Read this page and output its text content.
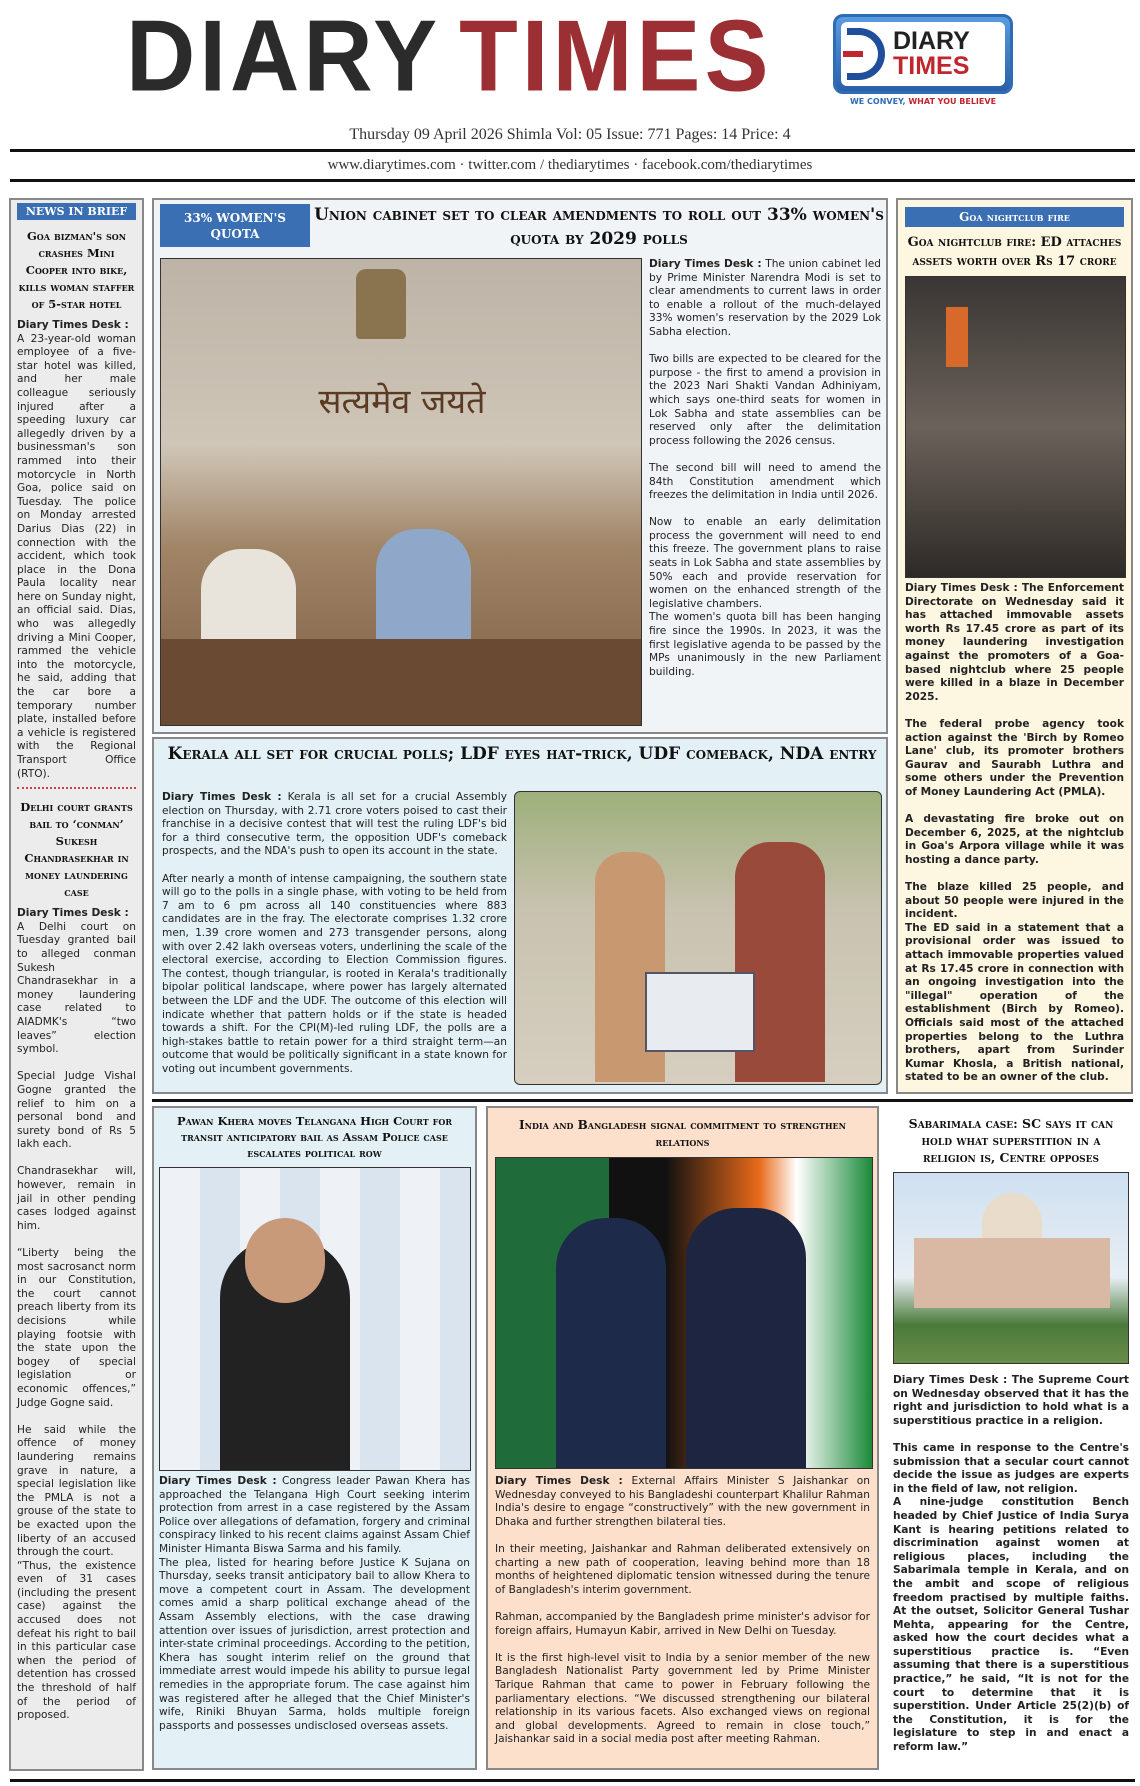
DIARY TIMES	DIARY
TIMES
WE CONVEY, WHAT YOU BELIEVE
Thursday 09 April 2026 Shimla Vol: 05 Issue: 771 Pages: 14 Price: 4
www.diarytimes.com · twitter.com / thediarytimes · facebook.com/thediarytimes
NEWS IN BRIEF
Goa bizman's son crashes Mini Cooper into bike, kills woman staffer of 5-star hotel

Diary Times Desk :

A 23-year-old woman employee of a five-star hotel was killed, and her male colleague seriously injured after a speeding luxury car allegedly driven by a businessman's son rammed into their motorcycle in North Goa, police said on Tuesday. The police on Monday arrested Darius Dias (22) in connection with the accident, which took place in the Dona Paula locality near here on Sunday night, an official said. Dias, who was allegedly driving a Mini Cooper, rammed the vehicle into the motorcycle, he said, adding that the car bore a temporary number plate, installed before a vehicle is registered with the Regional Transport Office (RTO).

Delhi court grants bail to ‘conman’ Sukesh Chandrasekhar in money laundering case

Diary Times Desk :

A Delhi court on Tuesday granted bail to alleged conman Sukesh Chandrasekhar in a money laundering case related to AIADMK's “two leaves” election symbol.

Special Judge Vishal Gogne granted the relief to him on a personal bond and surety bond of Rs 5 lakh each.

Chandrasekhar will, however, remain in jail in other pending cases lodged against him.

“Liberty being the most sacrosanct norm in our Constitution, the court cannot preach liberty from its decisions while playing footsie with the state upon the bogey of special legislation or economic offences,” Judge Gogne said.

He said while the offence of money laundering remains grave in nature, a special legislation like the PMLA is not a grouse of the state to be exacted upon the liberty of an accused through the court.

“Thus, the existence even of 31 cases (including the present case) against the accused does not defeat his right to bail in this particular case when the period of detention has crossed the threshold of half of the period of proposed.

33% WOMEN'S QUOTA
Union cabinet set to clear amendments to roll out 33% women's quota by 2029 polls
सत्यमेव जयते

Diary Times Desk : The union cabinet led by Prime Minister Narendra Modi is set to clear amendments to current laws in order to enable a rollout of the much-delayed 33% women's reservation by the 2029 Lok Sabha election.

Two bills are expected to be cleared for the purpose - the first to amend a provision in the 2023 Nari Shakti Vandan Adhiniyam, which says one-third seats for women in Lok Sabha and state assemblies can be reserved only after the delimitation process following the 2026 census.

The second bill will need to amend the 84th Constitution amendment which freezes the delimitation in India until 2026.

Now to enable an early delimitation process the government will need to end this freeze. The government plans to raise seats in Lok Sabha and state assemblies by 50% each and provide reservation for women on the enhanced strength of the legislative chambers.

The women's quota bill has been hanging fire since the 1990s. In 2023, it was the first legislative agenda to be passed by the MPs unanimously in the new Parliament building.

Kerala all set for crucial polls; LDF eyes hat-trick, UDF comeback, NDA entry

Diary Times Desk : Kerala is all set for a crucial Assembly election on Thursday, with 2.71 crore voters poised to cast their franchise in a decisive contest that will test the ruling LDF's bid for a third consecutive term, the opposition UDF's comeback prospects, and the NDA's push to open its account in the state.

After nearly a month of intense campaigning, the southern state will go to the polls in a single phase, with voting to be held from 7 am to 6 pm across all 140 constituencies where 883 candidates are in the fray. The electorate comprises 1.32 crore men, 1.39 crore women and 273 transgender persons, along with over 2.42 lakh overseas voters, underlining the scale of the electoral exercise, according to Election Commission figures. The contest, though triangular, is rooted in Kerala's traditionally bipolar political landscape, where power has largely alternated between the LDF and the UDF. The outcome of this election will indicate whether that pattern holds or if the state is headed towards a shift. For the CPI(M)-led ruling LDF, the polls are a high-stakes battle to retain power for a third straight term—an outcome that would be politically significant in a state known for voting out incumbent governments.

Goa nightclub fire
Goa nightclub fire: ED attaches assets worth over Rs 17 crore

Diary Times Desk : The Enforcement Directorate on Wednesday said it has attached immovable assets worth Rs 17.45 crore as part of its money laundering investigation against the promoters of a Goa-based nightclub where 25 people were killed in a blaze in December 2025.

The federal probe agency took action against the 'Birch by Romeo Lane' club, its promoter brothers Gaurav and Saurabh Luthra and some others under the Prevention of Money Laundering Act (PMLA).

A devastating fire broke out on December 6, 2025, at the nightclub in Goa's Arpora village while it was hosting a dance party.

The blaze killed 25 people, and about 50 people were injured in the incident.

The ED said in a statement that a provisional order was issued to attach immovable properties valued at Rs 17.45 crore in connection with an ongoing investigation into the "illegal" operation of the establishment (Birch by Romeo). Officials said most of the attached properties belong to the Luthra brothers, apart from Surinder Kumar Khosla, a British national, stated to be an owner of the club.

Pawan Khera moves Telangana High Court for transit anticipatory bail as Assam Police case escalates political row

Diary Times Desk : Congress leader Pawan Khera has approached the Telangana High Court seeking interim protection from arrest in a case registered by the Assam Police over allegations of defamation, forgery and criminal conspiracy linked to his recent claims against Assam Chief Minister Himanta Biswa Sarma and his family.

The plea, listed for hearing before Justice K Sujana on Thursday, seeks transit anticipatory bail to allow Khera to move a competent court in Assam. The development comes amid a sharp political exchange ahead of the Assam Assembly elections, with the case drawing attention over issues of jurisdiction, arrest protection and inter-state criminal proceedings. According to the petition, Khera has sought interim relief on the ground that immediate arrest would impede his ability to pursue legal remedies in the appropriate forum. The case against him was registered after he alleged that the Chief Minister's wife, Riniki Bhuyan Sarma, holds multiple foreign passports and possesses undisclosed overseas assets.

India and Bangladesh signal commitment to strengthen relations

Diary Times Desk : External Affairs Minister S Jaishankar on Wednesday conveyed to his Bangladeshi counterpart Khalilur Rahman India's desire to engage “constructively” with the new government in Dhaka and further strengthen bilateral ties.

In their meeting, Jaishankar and Rahman deliberated extensively on charting a new path of cooperation, leaving behind more than 18 months of heightened diplomatic tension witnessed during the tenure of Bangladesh's interim government.

Rahman, accompanied by the Bangladesh prime minister's advisor for foreign affairs, Humayun Kabir, arrived in New Delhi on Tuesday.

It is the first high-level visit to India by a senior member of the new Bangladesh Nationalist Party government led by Prime Minister Tarique Rahman that came to power in February following the parliamentary elections. “We discussed strengthening our bilateral relationship in its various facets. Also exchanged views on regional and global developments. Agreed to remain in close touch,” Jaishankar said in a social media post after meeting Rahman.

Sabarimala case: SC says it can hold what superstition in a religion is, Centre opposes

Diary Times Desk : The Supreme Court on Wednesday observed that it has the right and jurisdiction to hold what is a superstitious practice in a religion.

This came in response to the Centre's submission that a secular court cannot decide the issue as judges are experts in the field of law, not religion.

A nine-judge constitution Bench headed by Chief Justice of India Surya Kant is hearing petitions related to discrimination against women at religious places, including the Sabarimala temple in Kerala, and on the ambit and scope of religious freedom practised by multiple faiths. At the outset, Solicitor General Tushar Mehta, appearing for the Centre, asked how the court decides what a superstitious practice is. “Even assuming that there is a superstitious practice,” he said, “It is not for the court to determine that it is superstition. Under Article 25(2)(b) of the Constitution, it is for the legislature to step in and enact a reform law.”
